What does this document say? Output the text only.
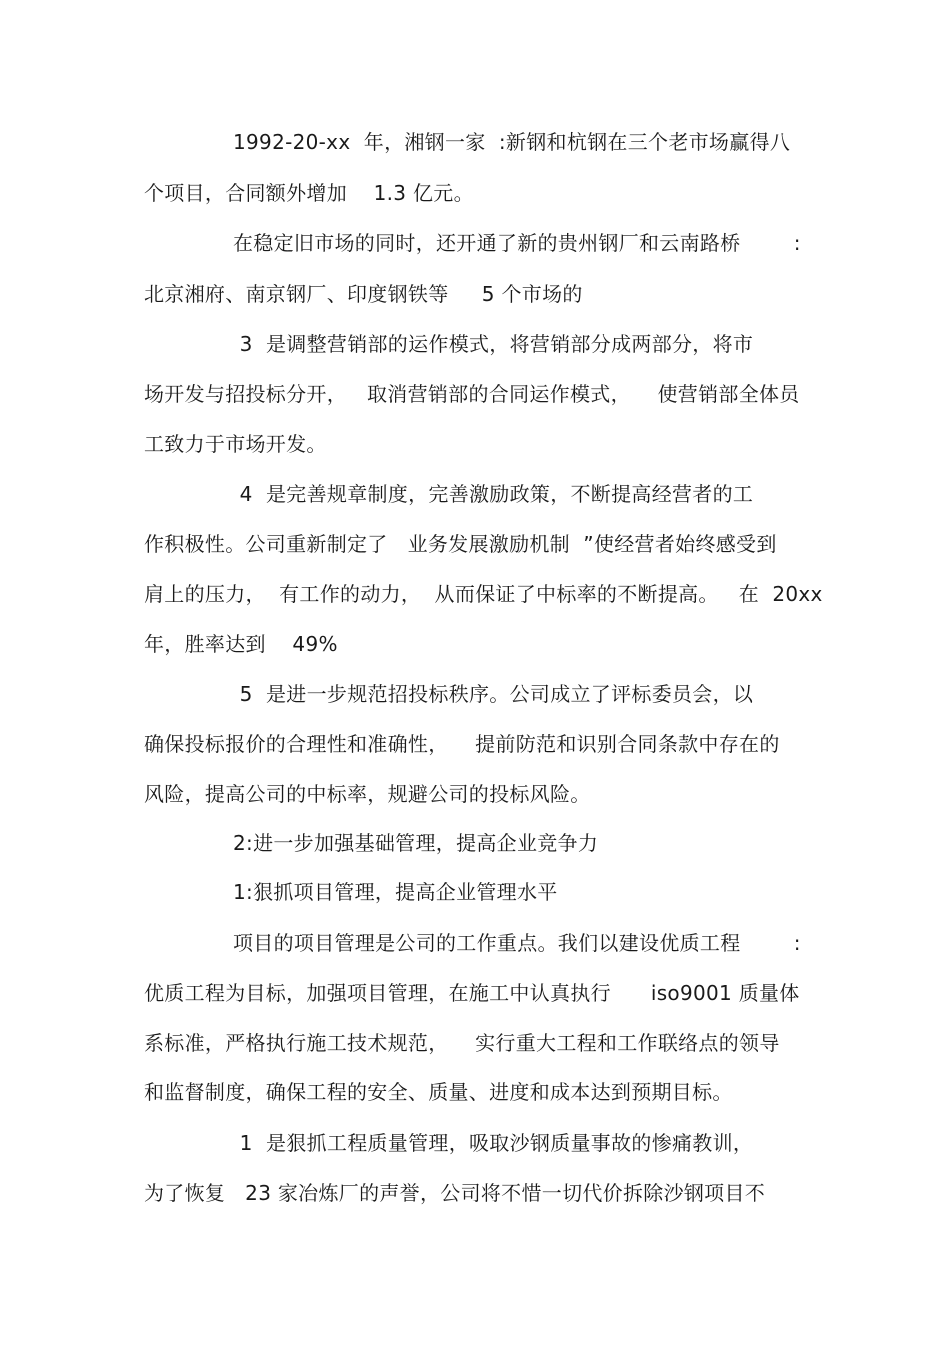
1992-20-xx  年，湘钢一家  :新钢和杭钢在三个老市场赢得八
个项目，合同额外增加    1.3 亿元。
在稳定旧市场的同时，还开通了新的贵州钢厂和云南路桥        :
北京湘府、南京钢厂、印度钢铁等     5 个市场的
3  是调整营销部的运作模式，将营销部分成两部分，将市
场开发与招投标分开，   取消营销部的合同运作模式，    使营销部全体员
工致力于市场开发。
4  是完善规章制度，完善激励政策，不断提高经营者的工
作积极性。公司重新制定了   业务发展激励机制  ”使经营者始终感受到
肩上的压力，  有工作的动力，  从而保证了中标率的不断提高。   在  20xx
年，胜率达到    49%
5  是进一步规范招投标秩序。公司成立了评标委员会，以
确保投标报价的合理性和准确性，    提前防范和识别合同条款中存在的
风险，提高公司的中标率，规避公司的投标风险。
2:进一步加强基础管理，提高企业竞争力
1:狠抓项目管理，提高企业管理水平
项目的项目管理是公司的工作重点。我们以建设优质工程        :
优质工程为目标，加强项目管理，在施工中认真执行      iso9001 质量体
系标准，严格执行施工技术规范，    实行重大工程和工作联络点的领导
和监督制度，确保工程的安全、质量、进度和成本达到预期目标。
1  是狠抓工程质量管理，吸取沙钢质量事故的惨痛教训，
为了恢复   23 家冶炼厂的声誉，公司将不惜一切代价拆除沙钢项目不
